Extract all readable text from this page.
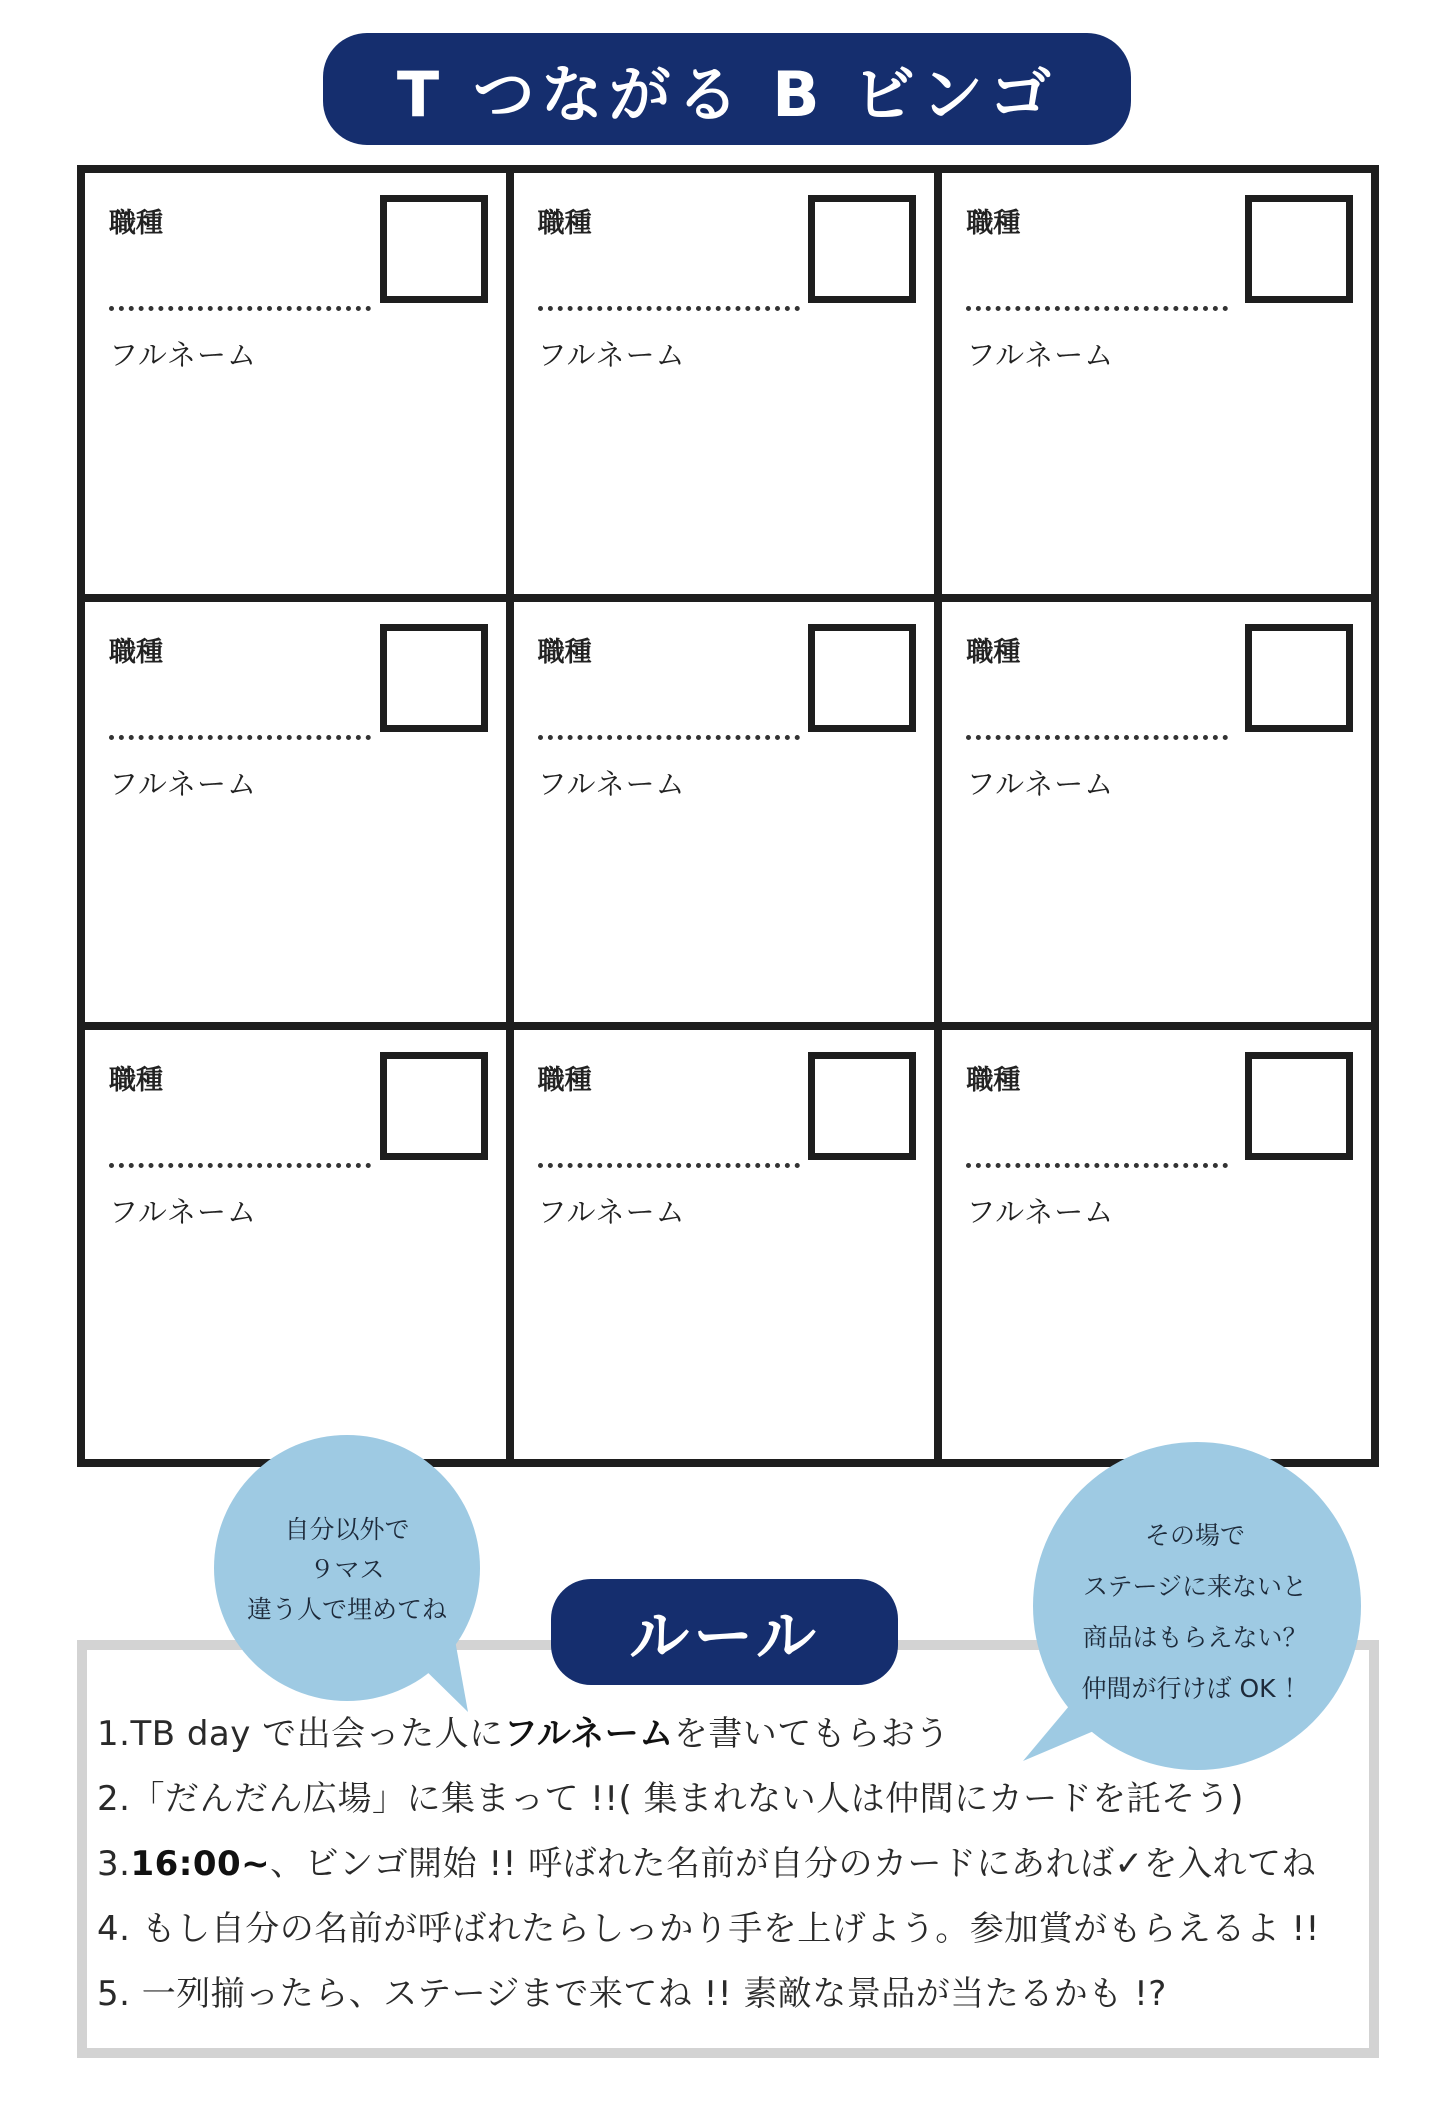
T つながる B ビンゴ
職種
フルネーム
職種
フルネーム
職種
フルネーム
職種
フルネーム
職種
フルネーム
職種
フルネーム
職種
フルネーム
職種
フルネーム
職種
フルネーム
1.TB day で出会った人にフルネームを書いてもらおう
2.「だんだん広場」に集まって !!( 集まれない人は仲間にカードを託そう)
3.16:00~、ビンゴ開始 !! 呼ばれた名前が自分のカードにあれば✓を入れてね
4. もし自分の名前が呼ばれたらしっかり手を上げよう。参加賞がもらえるよ !!
5. 一列揃ったら、ステージまで来てね !! 素敵な景品が当たるかも !?
ルール
自分以外で
９マス
違う人で埋めてね
その場で
ステージに来ないと
商品はもらえない？
仲間が行けば OK ！
